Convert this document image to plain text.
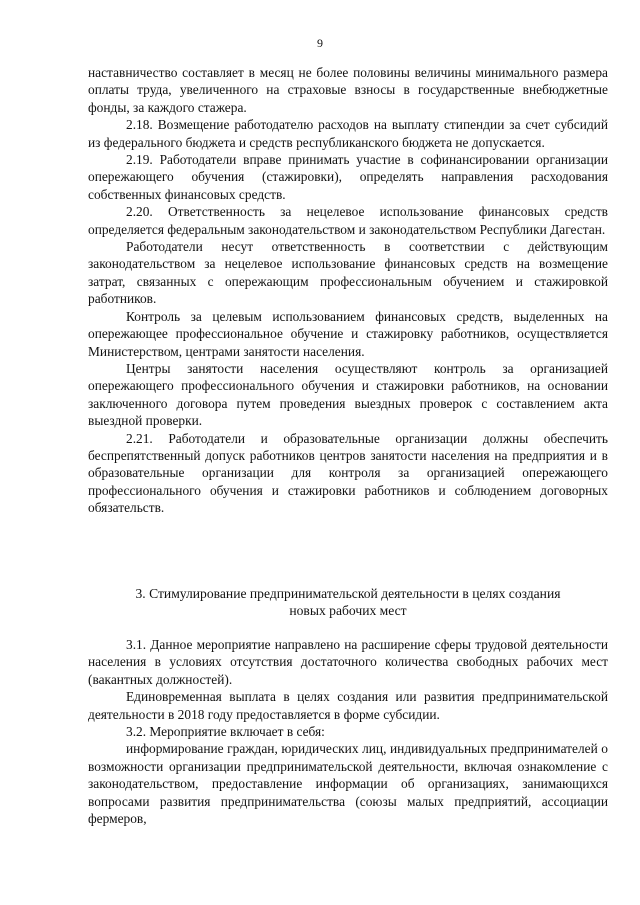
9

наставничество составляет в месяц не более половины величины минимального размера оплаты труда, увеличенного на страховые взносы в государственные внебюджетные фонды, за каждого стажера.

2.18. Возмещение работодателю расходов на выплату стипендии за счет субсидий из федерального бюджета и средств республиканского бюджета не допускается.

2.19. Работодатели вправе принимать участие в софинансировании организации опережающего обучения (стажировки), определять направления расходования собственных финансовых средств.

2.20. Ответственность за нецелевое использование финансовых средств определяется федеральным законодательством и законодательством Республики Дагестан.

Работодатели несут ответственность в соответствии с действующим законодательством за нецелевое использование финансовых средств на возмещение затрат, связанных с опережающим профессиональным обучением и стажировкой работников.

Контроль за целевым использованием финансовых средств, выделенных на опережающее профессиональное обучение и стажировку работников, осуществляется Министерством, центрами занятости населения.

Центры занятости населения осуществляют контроль за организацией опережающего профессионального обучения и стажировки работников, на основании заключенного договора путем проведения выездных проверок с составлением акта выездной проверки.

2.21. Работодатели и образовательные организации должны обеспечить беспрепятственный допуск работников центров занятости населения на предприятия и в образовательные организации для контроля за организацией опережающего профессионального обучения и стажировки работников и соблюдением договорных обязательств.

3. Стимулирование предпринимательской деятельности в целях создания
новых рабочих мест

3.1. Данное мероприятие направлено на расширение сферы трудовой деятельности населения в условиях отсутствия достаточного количества свободных рабочих мест (вакантных должностей).

Единовременная выплата в целях создания или развития предпринимательской деятельности в 2018 году предоставляется в форме субсидии.

3.2. Мероприятие включает в себя:

информирование граждан, юридических лиц, индивидуальных предпринимателей о возможности организации предпринимательской деятельности, включая ознакомление с законодательством, предоставление информации об организациях, занимающихся вопросами развития предпринимательства (союзы малых предприятий, ассоциации фермеров,
